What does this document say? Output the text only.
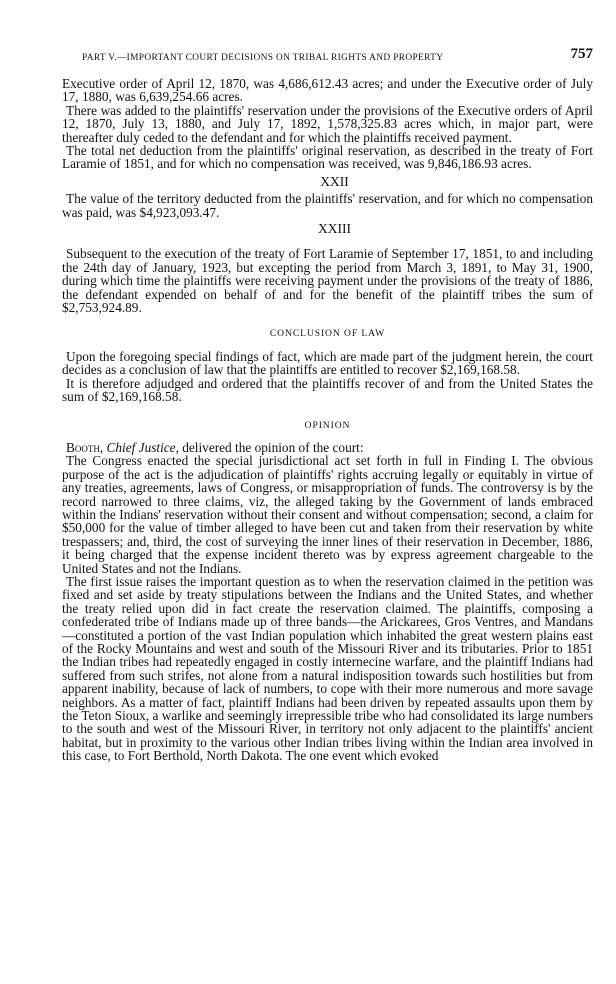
PART V.—IMPORTANT COURT DECISIONS ON TRIBAL RIGHTS AND PROPERTY	757

Executive order of April 12, 1870, was 4,686,612.43 acres; and under the Executive order of July 17, 1880, was 6,639,254.66 acres.

There was added to the plaintiffs' reservation under the provisions of the Executive orders of April 12, 1870, July 13, 1880, and July 17, 1892, 1,578,325.83 acres which, in major part, were thereafter duly ceded to the defendant and for which the plaintiffs received payment.

The total net deduction from the plaintiffs' original reservation, as described in the treaty of Fort Laramie of 1851, and for which no compensation was received, was 9,846,186.93 acres.

XXII

The value of the territory deducted from the plaintiffs' reservation, and for which no compensation was paid, was $4,923,093.47.

XXIII

Subsequent to the execution of the treaty of Fort Laramie of September 17, 1851, to and including the 24th day of January, 1923, but excepting the period from March 3, 1891, to May 31, 1900, during which time the plaintiffs were receiving payment under the provisions of the treaty of 1886, the defendant expended on behalf of and for the benefit of the plaintiff tribes the sum of $2,753,924.89.

CONCLUSION OF LAW

Upon the foregoing special findings of fact, which are made part of the judgment herein, the court decides as a conclusion of law that the plaintiffs are entitled to recover $2,169,168.58.

It is therefore adjudged and ordered that the plaintiffs recover of and from the United States the sum of $2,169,168.58.

OPINION

Booth, Chief Justice, delivered the opinion of the court:

The Congress enacted the special jurisdictional act set forth in full in Finding I. The obvious purpose of the act is the adjudication of plaintiffs' rights accruing legally or equitably in virtue of any treaties, agreements, laws of Congress, or misappropriation of funds. The controversy is by the record narrowed to three claims, viz, the alleged taking by the Government of lands embraced within the Indians' reservation without their consent and without compensation; second, a claim for $50,000 for the value of timber alleged to have been cut and taken from their reservation by white trespassers; and, third, the cost of surveying the inner lines of their reservation in December, 1886, it being charged that the expense incident thereto was by express agreement chargeable to the United States and not the Indians.

The first issue raises the important question as to when the reservation claimed in the petition was fixed and set aside by treaty stipulations between the Indians and the United States, and whether the treaty relied upon did in fact create the reservation claimed. The plaintiffs, composing a confederated tribe of Indians made up of three bands—the Arickarees, Gros Ventres, and Mandans—constituted a portion of the vast Indian population which inhabited the great western plains east of the Rocky Mountains and west and south of the Missouri River and its tributaries. Prior to 1851 the Indian tribes had repeatedly engaged in costly internecine warfare, and the plaintiff Indians had suffered from such strifes, not alone from a natural indisposition towards such hostilities but from apparent inability, because of lack of numbers, to cope with their more numerous and more savage neighbors. As a matter of fact, plaintiff Indians had been driven by repeated assaults upon them by the Teton Sioux, a warlike and seemingly irrepressible tribe who had consolidated its large numbers to the south and west of the Missouri River, in territory not only adjacent to the plaintiffs' ancient habitat, but in proximity to the various other Indian tribes living within the Indian area involved in this case, to Fort Berthold, North Dakota. The one event which evoked
